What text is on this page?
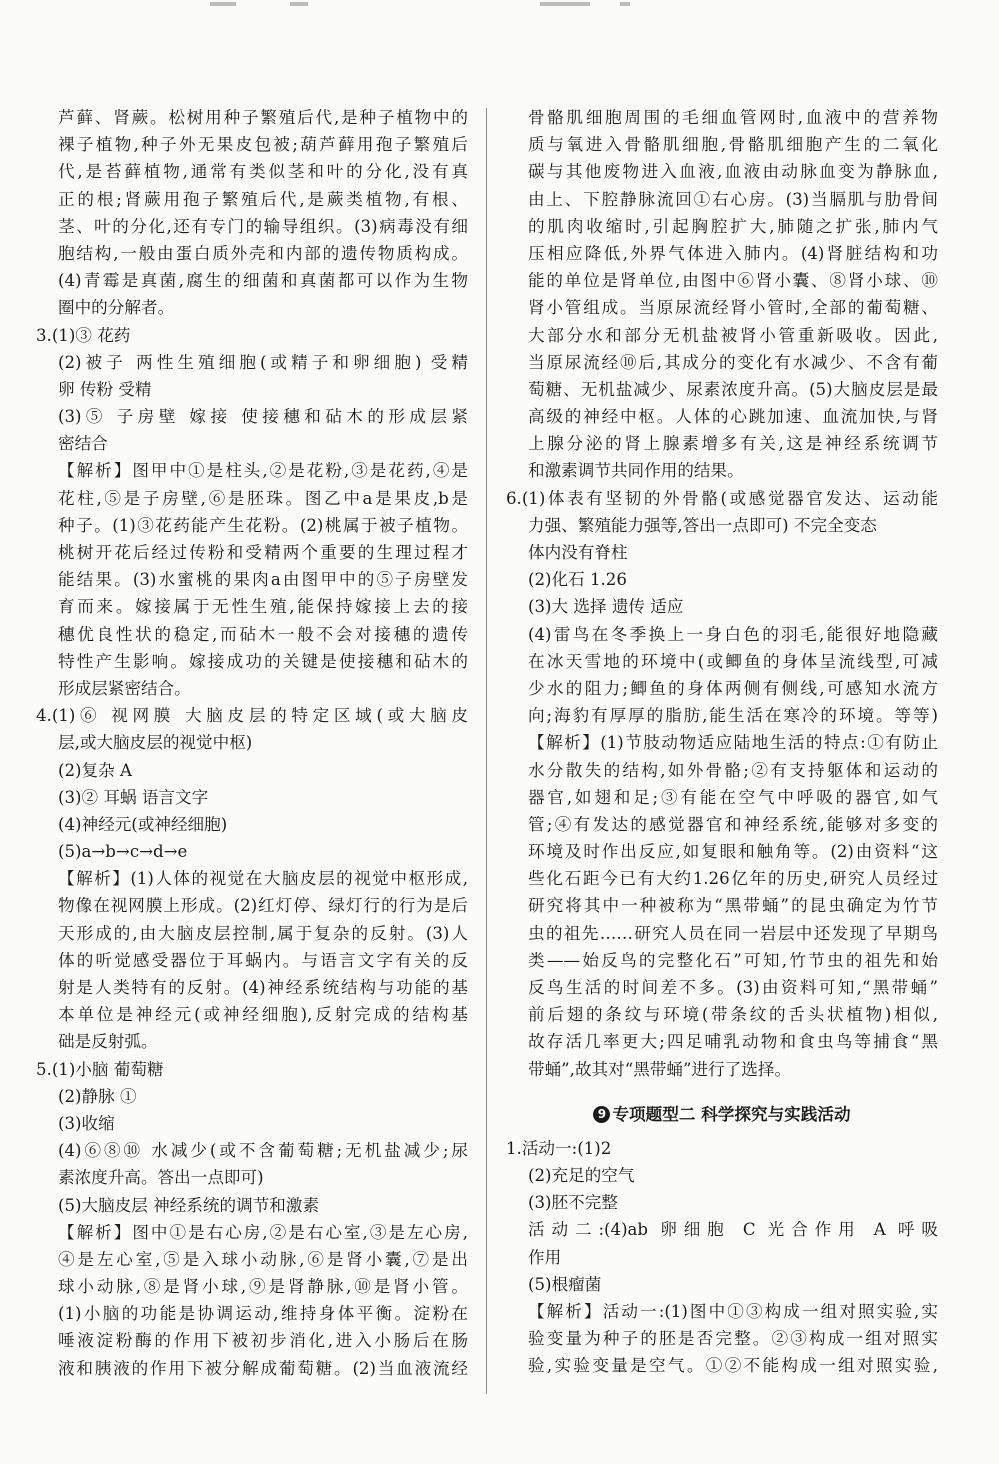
芦藓、肾蕨。松树用种子繁殖后代,是种子植物中的
裸子植物,种子外无果皮包被;葫芦藓用孢子繁殖后
代,是苔藓植物,通常有类似茎和叶的分化,没有真
正的根;肾蕨用孢子繁殖后代,是蕨类植物,有根、
茎、叶的分化,还有专门的输导组织。(3)病毒没有细
胞结构,一般由蛋白质外壳和内部的遗传物质构成。
(4)青霉是真菌,腐生的细菌和真菌都可以作为生物
圈中的分解者。
3.(1)③ 花药
(2)被子 两性生殖细胞(或精子和卵细胞) 受精
卵 传粉 受精
(3)⑤ 子房壁 嫁接 使接穗和砧木的形成层紧
密结合
【解析】图甲中①是柱头,②是花粉,③是花药,④是
花柱,⑤是子房壁,⑥是胚珠。图乙中a是果皮,b是
种子。(1)③花药能产生花粉。(2)桃属于被子植物。
桃树开花后经过传粉和受精两个重要的生理过程才
能结果。(3)水蜜桃的果肉a由图甲中的⑤子房壁发
育而来。嫁接属于无性生殖,能保持嫁接上去的接
穗优良性状的稳定,而砧木一般不会对接穗的遗传
特性产生影响。嫁接成功的关键是使接穗和砧木的
形成层紧密结合。
4.(1)⑥ 视网膜 大脑皮层的特定区域(或大脑皮
层,或大脑皮层的视觉中枢)
(2)复杂 A
(3)② 耳蜗 语言文字
(4)神经元(或神经细胞)
(5)a→b→c→d→e
【解析】(1)人体的视觉在大脑皮层的视觉中枢形成,
物像在视网膜上形成。(2)红灯停、绿灯行的行为是后
天形成的,由大脑皮层控制,属于复杂的反射。(3)人
体的听觉感受器位于耳蜗内。与语言文字有关的反
射是人类特有的反射。(4)神经系统结构与功能的基
本单位是神经元(或神经细胞),反射完成的结构基
础是反射弧。
5.(1)小脑 葡萄糖
(2)静脉 ①
(3)收缩
(4)⑥⑧⑩ 水减少(或不含葡萄糖;无机盐减少;尿
素浓度升高。答出一点即可)
(5)大脑皮层 神经系统的调节和激素
【解析】图中①是右心房,②是右心室,③是左心房,
④是左心室,⑤是入球小动脉,⑥是肾小囊,⑦是出
球小动脉,⑧是肾小球,⑨是肾静脉,⑩是肾小管。
(1)小脑的功能是协调运动,维持身体平衡。淀粉在
唾液淀粉酶的作用下被初步消化,进入小肠后在肠
液和胰液的作用下被分解成葡萄糖。(2)当血液流经
骨骼肌细胞周围的毛细血管网时,血液中的营养物
质与氧进入骨骼肌细胞,骨骼肌细胞产生的二氧化
碳与其他废物进入血液,血液由动脉血变为静脉血,
由上、下腔静脉流回①右心房。(3)当膈肌与肋骨间
的肌肉收缩时,引起胸腔扩大,肺随之扩张,肺内气
压相应降低,外界气体进入肺内。(4)肾脏结构和功
能的单位是肾单位,由图中⑥肾小囊、⑧肾小球、⑩
肾小管组成。当原尿流经肾小管时,全部的葡萄糖、
大部分水和部分无机盐被肾小管重新吸收。因此,
当原尿流经⑩后,其成分的变化有水减少、不含有葡
萄糖、无机盐减少、尿素浓度升高。(5)大脑皮层是最
高级的神经中枢。人体的心跳加速、血流加快,与肾
上腺分泌的肾上腺素增多有关,这是神经系统调节
和激素调节共同作用的结果。
6.(1)体表有坚韧的外骨骼(或感觉器官发达、运动能
力强、繁殖能力强等,答出一点即可) 不完全变态
体内没有脊柱
(2)化石 1.26
(3)大 选择 遗传 适应
(4)雷鸟在冬季换上一身白色的羽毛,能很好地隐藏
在冰天雪地的环境中(或鲫鱼的身体呈流线型,可减
少水的阻力;鲫鱼的身体两侧有侧线,可感知水流方
向;海豹有厚厚的脂肪,能生活在寒冷的环境。等等)
【解析】(1)节肢动物适应陆地生活的特点:①有防止
水分散失的结构,如外骨骼;②有支持躯体和运动的
器官,如翅和足;③有能在空气中呼吸的器官,如气
管;④有发达的感觉器官和神经系统,能够对多变的
环境及时作出反应,如复眼和触角等。(2)由资料“这
些化石距今已有大约1.26亿年的历史,研究人员经过
研究将其中一种被称为“黑带蛹”的昆虫确定为竹节
虫的祖先……研究人员在同一岩层中还发现了早期鸟
类——始反鸟的完整化石”可知,竹节虫的祖先和始
反鸟生活的时间差不多。(3)由资料可知,“黑带蛹”
前后翅的条纹与环境(带条纹的舌头状植物)相似,
故存活几率更大;四足哺乳动物和食虫鸟等捕食“黑
带蛹”,故其对“黑带蛹”进行了选择。
9 专项题型二 科学探究与实践活动
1.活动一:(1)2
(2)充足的空气
(3)胚不完整
活动二:(4)ab 卵细胞 C 光合作用 A 呼吸
作用
(5)根瘤菌
【解析】活动一:(1)图中①③构成一组对照实验,实
验变量为种子的胚是否完整。②③构成一组对照实
验,实验变量是空气。①②不能构成一组对照实验,
